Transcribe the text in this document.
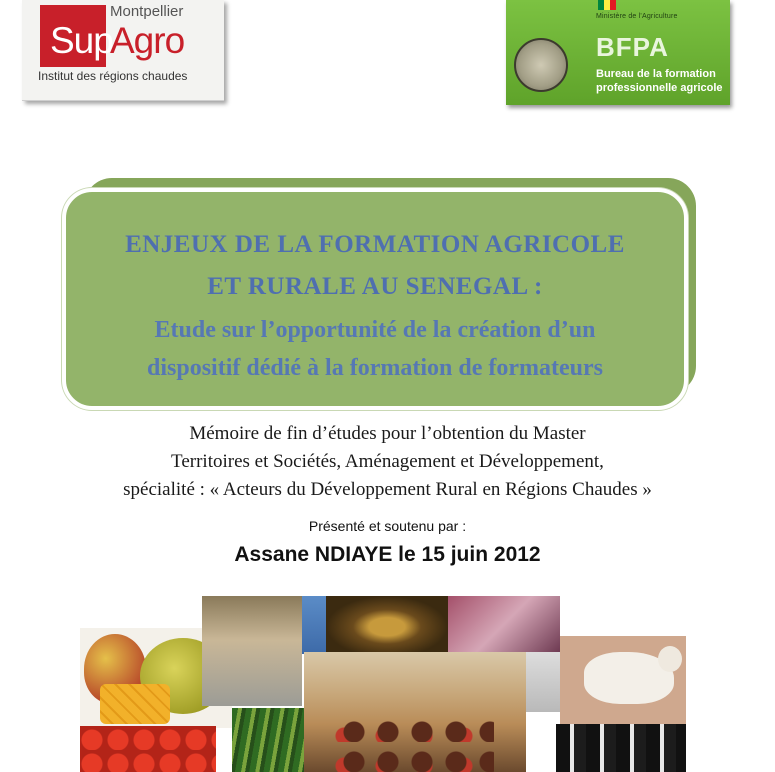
Sup
Montpellier
Agro
Institut des régions chaudes
Ministère de l'Agriculture
BFPA
Bureau de la formation
professionnelle agricole
ENJEUX DE LA FORMATION AGRICOLE
ET RURALE AU SENEGAL :
Etude sur l’opportunité de la création d’un
dispositif dédié à la formation de formateurs
Mémoire de fin d’études pour l’obtention du Master
Territoires et Sociétés, Aménagement et Développement,
spécialité : « Acteurs du Développement Rural en Régions Chaudes »
Présenté et soutenu par :
Assane NDIAYE le 15 juin 2012
